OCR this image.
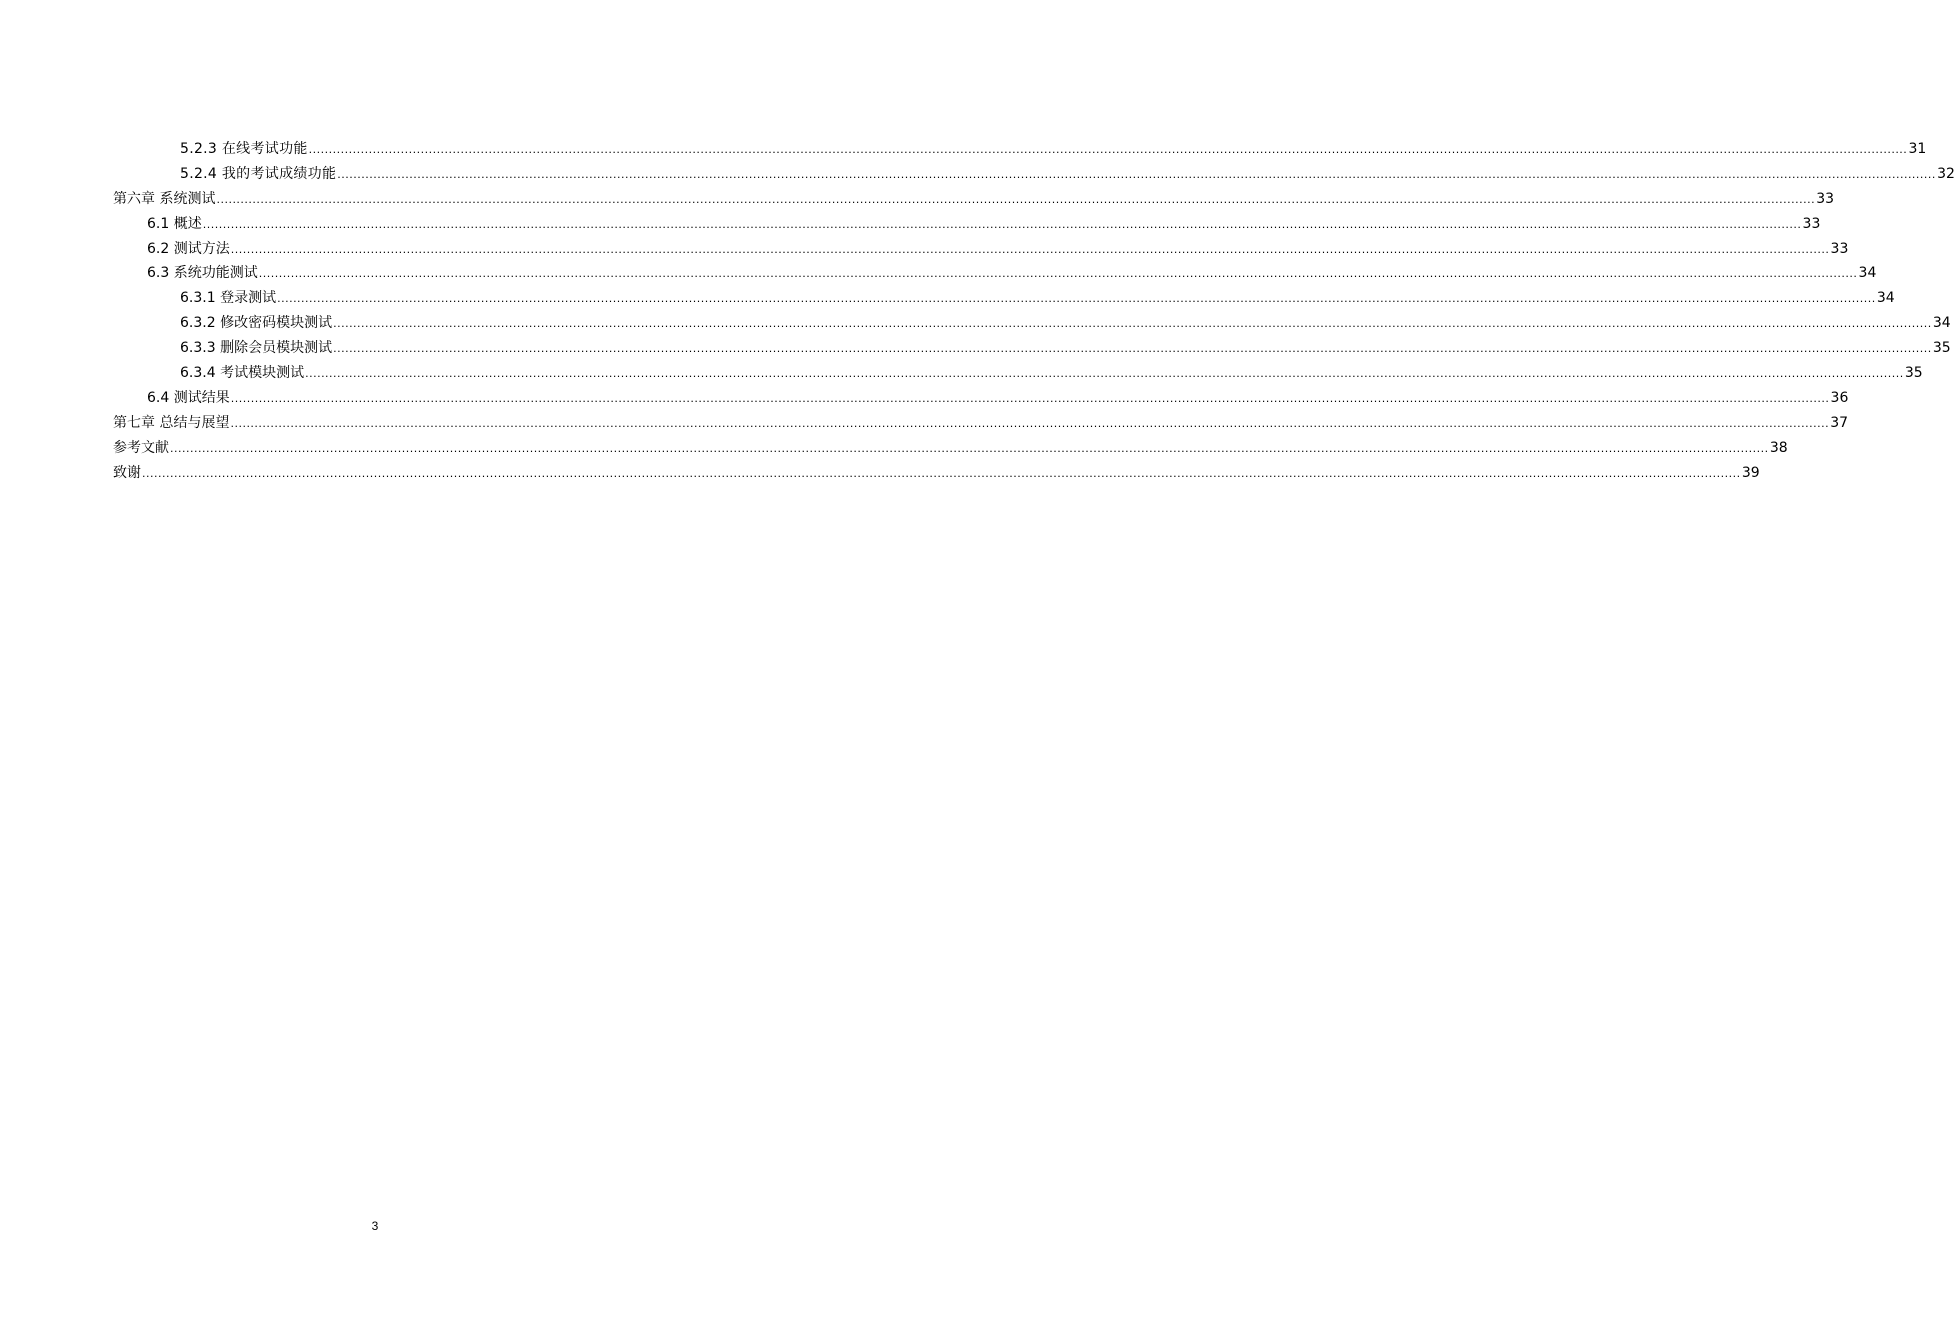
5.2.3 在线考试功能 ................................................................................................................................................................................................................................................................................................................................................................................................................ 31
5.2.4 我的考试成绩功能 ................................................................................................................................................................................................................................................................................................................................................................................................................ 32
第六章 系统测试 ................................................................................................................................................................................................................................................................................................................................................................................................................ 33
6.1 概述 ................................................................................................................................................................................................................................................................................................................................................................................................................ 33
6.2 测试方法 ................................................................................................................................................................................................................................................................................................................................................................................................................ 33
6.3 系统功能测试 ................................................................................................................................................................................................................................................................................................................................................................................................................ 34
6.3.1 登录测试 ................................................................................................................................................................................................................................................................................................................................................................................................................ 34
6.3.2 修改密码模块测试 ................................................................................................................................................................................................................................................................................................................................................................................................................ 34
6.3.3 删除会员模块测试 ................................................................................................................................................................................................................................................................................................................................................................................................................ 35
6.3.4 考试模块测试 ................................................................................................................................................................................................................................................................................................................................................................................................................ 35
6.4 测试结果 ................................................................................................................................................................................................................................................................................................................................................................................................................ 36
第七章 总结与展望 ................................................................................................................................................................................................................................................................................................................................................................................................................ 37
参考文献 ................................................................................................................................................................................................................................................................................................................................................................................................................ 38
致谢 ................................................................................................................................................................................................................................................................................................................................................................................................................ 39
3
